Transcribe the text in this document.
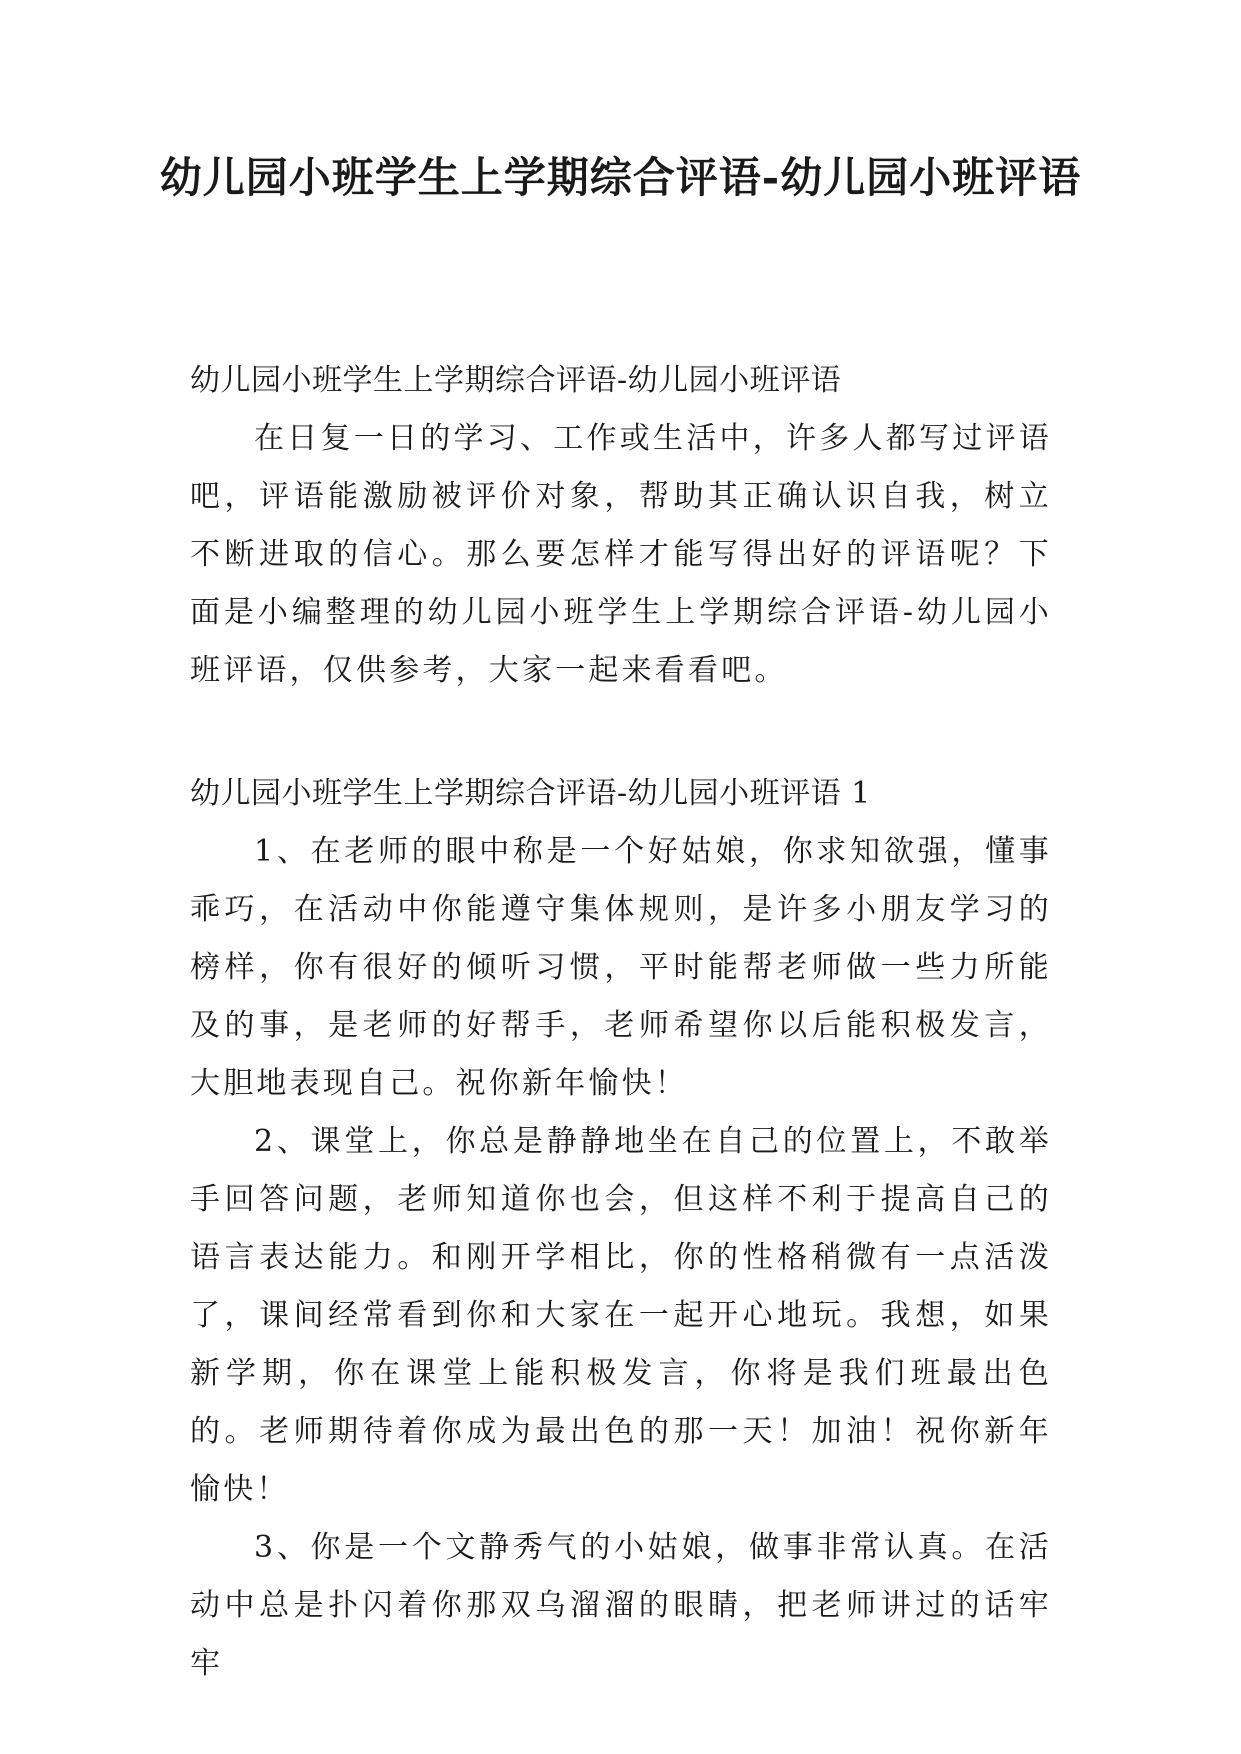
幼儿园小班学生上学期综合评语-幼儿园小班评语

幼儿园小班学生上学期综合评语-幼儿园小班评语

在日复一日的学习、工作或生活中，许多人都写过评语吧，评语能激励被评价对象，帮助其正确认识自我，树立不断进取的信心。那么要怎样才能写得出好的评语呢？下面是小编整理的幼儿园小班学生上学期综合评语-幼儿园小班评语，仅供参考，大家一起来看看吧。

幼儿园小班学生上学期综合评语-幼儿园小班评语 1

1、在老师的眼中称是一个好姑娘，你求知欲强，懂事乖巧，在活动中你能遵守集体规则，是许多小朋友学习的榜样，你有很好的倾听习惯，平时能帮老师做一些力所能及的事，是老师的好帮手，老师希望你以后能积极发言，大胆地表现自己。祝你新年愉快！

2、课堂上，你总是静静地坐在自己的位置上，不敢举手回答问题，老师知道你也会，但这样不利于提高自己的语言表达能力。和刚开学相比，你的性格稍微有一点活泼了，课间经常看到你和大家在一起开心地玩。我想，如果新学期，你在课堂上能积极发言，你将是我们班最出色的。老师期待着你成为最出色的那一天！加油！祝你新年愉快！

3、你是一个文静秀气的小姑娘，做事非常认真。在活动中总是扑闪着你那双乌溜溜的眼睛，把老师讲过的话牢牢
